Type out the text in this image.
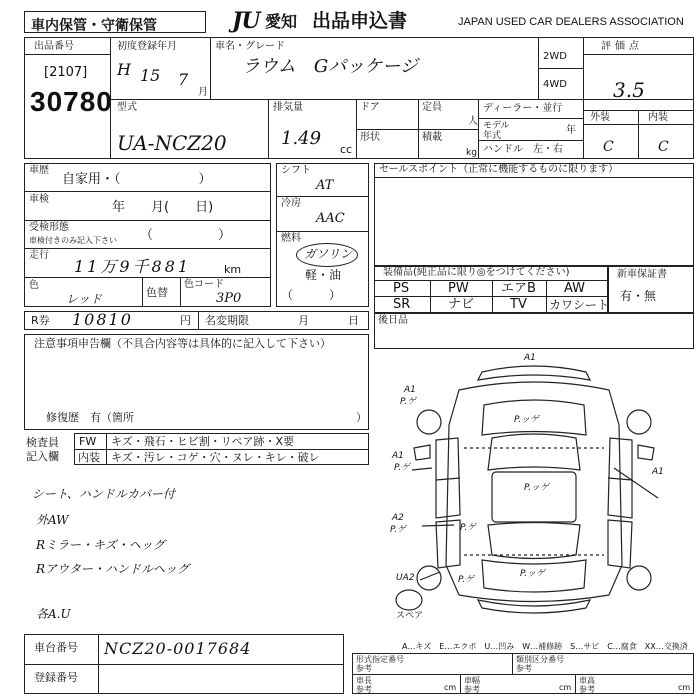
車内保管・守衛保管	JU 愛知 出品申込書	JAPAN USED CAR DEALERS ASSOCIATION
出品番号
[2107]
30780
初度登録年月
H 15 7
月
車名・グレード
ラウム　Gパッケージ	2WD
4WD
評価点
3.5
型式
UA-NCZ20
排気量
1.49
cc
ドア
形状
定員
人
積載
kg
ディーラー・並行
モデル
年式	年
ハンドル　左・右
外装	内装
C	C
車歴
自家用・（　　　　　　）
車検
年　　月(　　日)
受検形態
車検付きのみ記入下さい （　　　　　）
走行
11万9千881	km
色
レッド	色替
色コード
3P0
シフト
AT
冷房
AAC
燃料
ガソリン
軽・油
（　　　）
セールスポイント（正常に機能するものに限ります）
装備品(純正品に限り◎をつけてください)
PS	PW エアB AW
SR	ナビ	TV カワシート
新車保証書
有・無
R券 10810	円 名変期限	月	日 後日品
注意事項申告欄（不具合内容等は具体的に記入して下さい）
修復歴　有（箇所	）
検査員
記入欄
FW キズ・飛石・ヒビ割・リペア跡・X要
内装 キズ・汚レ・コゲ・穴・ヌレ・キレ・破レ
シート、ハンドルカバー付
外AW
Rミラー・キズ・ヘッグ
Rアウター・ハンドルヘッグ
各A.U
A1
A1
P.ゲ
P.ッゲ
P.ッゲ
A1
P.ゲ	A1
A2
P.ゲ	P.ゲ
P.ッゲ
UA2	P.ゲ
スペア
A…キズ　E…エクボ　U…凹み　W…補修跡　S…サビ　C…腐食　XX…交換済
車台番号 NCZ20-0017684
登録番号
形式指定番号
参考
類別区分番号
参考
車長
参考	cm
車幅
参考	cm
車高
参考	cm
